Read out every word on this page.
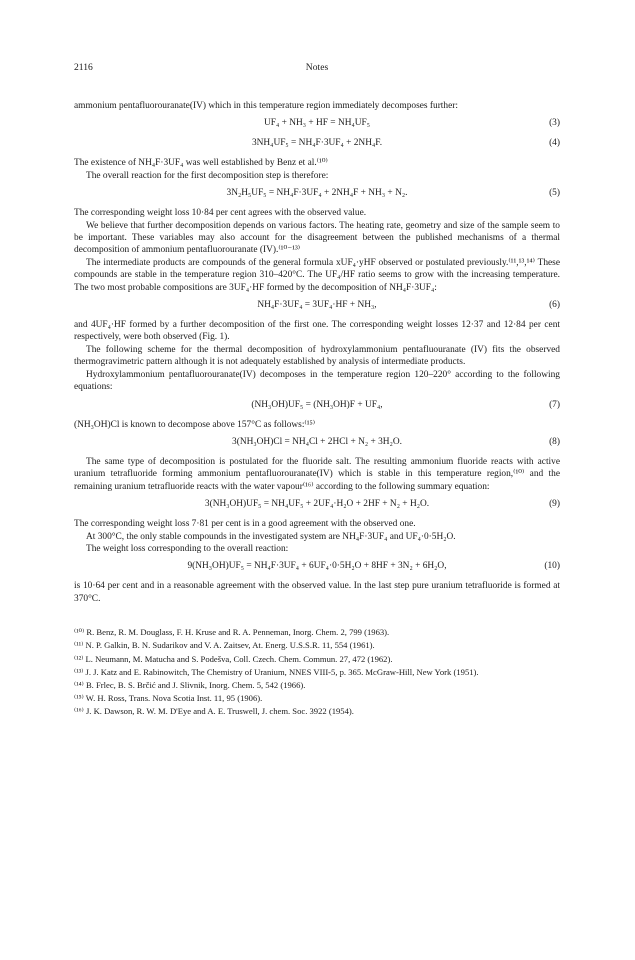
2116	Notes

ammonium pentafluorouranate(IV) which in this temperature region immediately decomposes further:

UF₄ + NH₃ + HF = NH₄UF₅	(3)
3NH₄UF₅ = NH₄F·3UF₄ + 2NH₄F.	(4)

The existence of NH₄F·3UF₄ was well established by Benz et al.⁽¹⁰⁾

The overall reaction for the first decomposition step is therefore:

3N₂H₅UF₅ = NH₄F·3UF₄ + 2NH₄F + NH₃ + N₂.	(5)

The corresponding weight loss 10·84 per cent agrees with the observed value.

We believe that further decomposition depends on various factors. The heating rate, geometry and size of the sample seem to be important. These variables may also account for the disagreement between the published mechanisms of a thermal decomposition of ammonium pentafluorouranate (IV).⁽¹⁰⁻¹³⁾

The intermediate products are compounds of the general formula xUF₄·yHF observed or postulated previously.⁽¹¹,¹³,¹⁴⁾ These compounds are stable in the temperature region 310–420°C. The UF₄/HF ratio seems to grow with the increasing temperature. The two most probable compositions are 3UF₄·HF formed by the decomposition of NH₄F·3UF₄:

NH₄F·3UF₄ = 3UF₄·HF + NH₃,	(6)

and 4UF₄·HF formed by a further decomposition of the first one. The corresponding weight losses 12·37 and 12·84 per cent respectively, were both observed (Fig. 1).

The following scheme for the thermal decomposition of hydroxylammonium pentafluouranate (IV) fits the observed thermogravimetric pattern although it is not adequately established by analysis of intermediate products.

Hydroxylammonium pentafluorouranate(IV) decomposes in the temperature region 120–220° according to the following equations:

(NH₃OH)UF₅ = (NH₃OH)F + UF₄,	(7)

(NH₃OH)Cl is known to decompose above 157°C as follows:⁽¹⁵⁾

3(NH₃OH)Cl = NH₄Cl + 2HCl + N₂ + 3H₂O.	(8)

The same type of decomposition is postulated for the fluoride salt. The resulting ammonium fluoride reacts with active uranium tetrafluoride forming ammonium pentafluorouranate(IV) which is stable in this temperature region,⁽¹⁰⁾ and the remaining uranium tetrafluoride reacts with the water vapour⁽¹⁶⁾ according to the following summary equation:

3(NH₃OH)UF₅ = NH₄UF₅ + 2UF₄·H₂O + 2HF + N₂ + H₂O.	(9)

The corresponding weight loss 7·81 per cent is in a good agreement with the observed one.

At 300°C, the only stable compounds in the investigated system are NH₄F·3UF₄ and UF₄·0·5H₂O.

The weight loss corresponding to the overall reaction:

9(NH₃OH)UF₅ = NH₄F·3UF₄ + 6UF₄·0·5H₂O + 8HF + 3N₂ + 6H₂O,	(10)

is 10·64 per cent and in a reasonable agreement with the observed value. In the last step pure uranium tetrafluoride is formed at 370°C.

⁽¹⁰⁾ R. Benz, R. M. Douglass, F. H. Kruse and R. A. Penneman, Inorg. Chem. 2, 799 (1963).

⁽¹¹⁾ N. P. Galkin, B. N. Sudarikov and V. A. Zaitsev, At. Energ. U.S.S.R. 11, 554 (1961).

⁽¹²⁾ L. Neumann, M. Matucha and S. Podešva, Coll. Czech. Chem. Commun. 27, 472 (1962).

⁽¹³⁾ J. J. Katz and E. Rabinowitch, The Chemistry of Uranium, NNES VIII-5, p. 365. McGraw-Hill, New York (1951).

⁽¹⁴⁾ B. Frlec, B. S. Brčić and J. Slivnik, Inorg. Chem. 5, 542 (1966).

⁽¹⁵⁾ W. H. Ross, Trans. Nova Scotia Inst. 11, 95 (1906).

⁽¹⁶⁾ J. K. Dawson, R. W. M. D'Eye and A. E. Truswell, J. chem. Soc. 3922 (1954).
